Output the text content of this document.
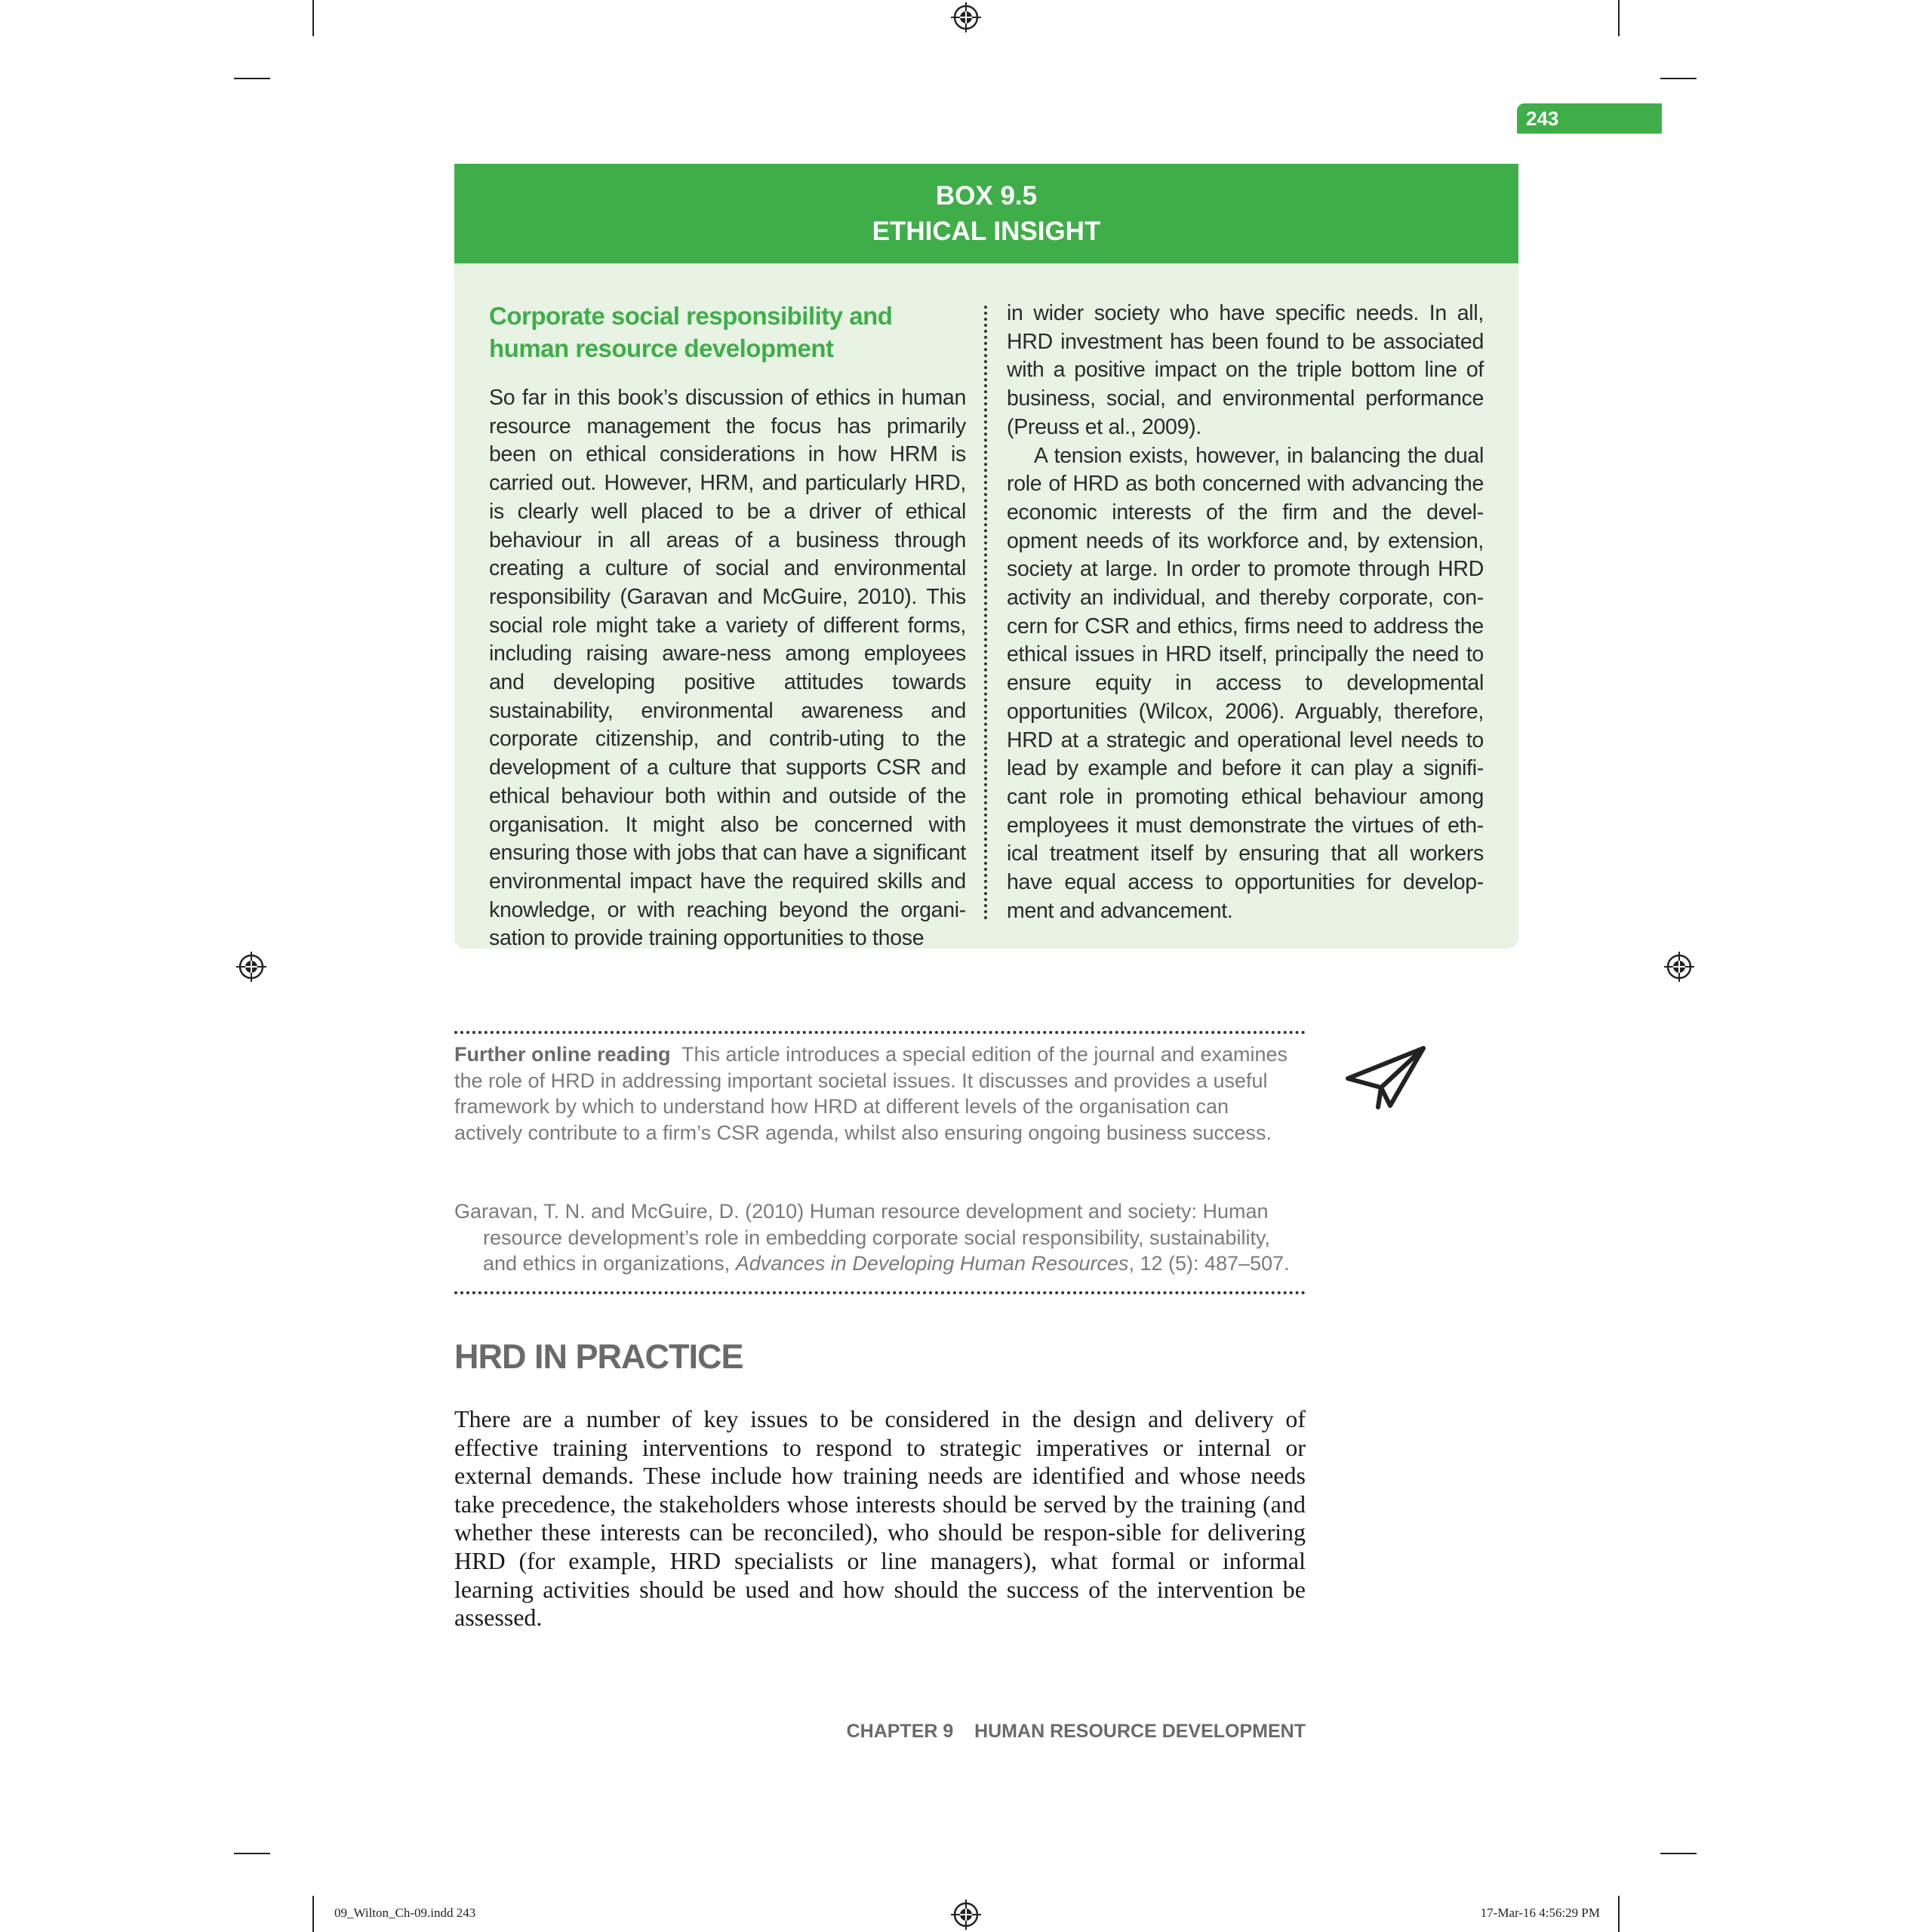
243
BOX 9.5
ETHICAL INSIGHT
Corporate social responsibility and human resource development

So far in this book’s discussion of ethics in human resource management the focus has primarily been on ethical considerations in how HRM is carried out. However, HRM, and particularly HRD, is clearly well placed to be a driver of ethical behaviour in all areas of a business through creating a culture of social and environmental responsibility (Garavan and McGuire, 2010). This social role might take a variety of different forms, including raising aware-ness among employees and developing positive attitudes towards sustainability, environmental awareness and corporate citizenship, and contrib-uting to the development of a culture that supports CSR and ethical behaviour both within and outside of the organisation. It might also be concerned with ensuring those with jobs that can have a significant environmental impact have the required skills and knowledge, or with reaching beyond the organi-sation to provide training opportunities to those

in wider society who have specific needs. In all, HRD investment has been found to be associated with a positive impact on the triple bottom line of business, social, and environmental performance (Preuss et al., 2009).

A tension exists, however, in balancing the dual role of HRD as both concerned with advancing the economic interests of the firm and the devel-opment needs of its workforce and, by extension, society at large. In order to promote through HRD activity an individual, and thereby corporate, con-cern for CSR and ethics, firms need to address the ethical issues in HRD itself, principally the need to ensure equity in access to developmental opportunities (Wilcox, 2006). Arguably, therefore, HRD at a strategic and operational level needs to lead by example and before it can play a signifi-cant role in promoting ethical behaviour among employees it must demonstrate the virtues of eth-ical treatment itself by ensuring that all workers have equal access to opportunities for develop-ment and advancement.

Further online reading This article introduces a special edition of the journal and examines the role of HRD in addressing important societal issues. It discusses and provides a useful framework by which to understand how HRD at different levels of the organisation can actively contribute to a firm’s CSR agenda, whilst also ensuring ongoing business success.
Garavan, T. N. and McGuire, D. (2010) Human resource development and society: Human resource development’s role in embedding corporate social responsibility, sustainability, and ethics in organizations, Advances in Developing Human Resources, 12 (5): 487–507.
HRD IN PRACTICE
There are a number of key issues to be considered in the design and delivery of effective training interventions to respond to strategic imperatives or internal or external demands. These include how training needs are identified and whose needs take precedence, the stakeholders whose interests should be served by the training (and whether these interests can be reconciled), who should be respon-sible for delivering HRD (for example, HRD specialists or line managers), what formal or informal learning activities should be used and how should the success of the intervention be assessed.
CHAPTER 9 HUMAN RESOURCE DEVELOPMENT
09_Wilton_Ch-09.indd 243	17-Mar-16 4:56:29 PM
